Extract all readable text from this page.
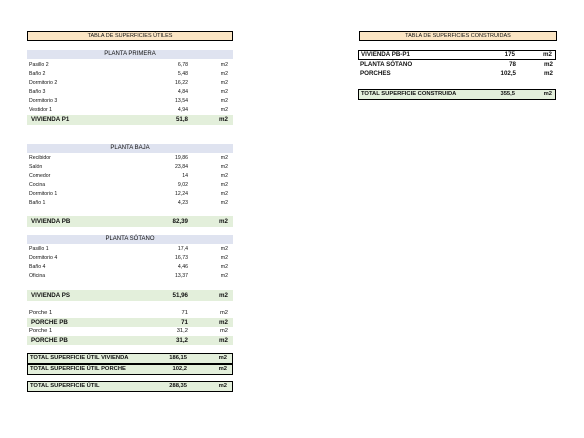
TABLA DE SUPERFICIES ÚTILES
PLANTA PRIMERA
Pasillo 2	6,78	m2
Baño 2	5,48	m2
Dormitorio 2	16,22	m2
Baño 3	4,84	m2
Dormitorio 3	13,54	m2
Vestidor 1	4,94	m2
VIVIENDA P1	51,8	m2
PLANTA BAJA
Recibidor	19,86	m2
Salón	23,84	m2
Comedor	14	m2
Cocina	9,02	m2
Dormitorio 1	12,24	m2
Baño 1	4,23	m2
VIVIENDA PB	82,39	m2
PLANTA SÓTANO
Pasillo 1	17,4	m2
Dormitorio 4	16,73	m2
Baño 4	4,46	m2
Oficina	13,37	m2
VIVIENDA PS	51,96	m2
Porche 1	71	m2
PORCHE PB	71	m2
Porche 1	31,2	m2
PORCHE PB	31,2	m2
TOTAL SUPERFICIE ÚTIL VIVIENDA	186,15	m2
TOTAL SUPERFICIE ÚTIL PORCHE	102,2	m2
TOTAL SUPERFICIE ÚTIL	288,35	m2
TABLA DE SUPERFICIES CONSTRUIDAS
VIVIENDA PB-P1	175	m2
PLANTA SÓTANO	78	m2
PORCHES	102,5	m2
TOTAL SUPERFICIE CONSTRUIDA	355,5	m2
